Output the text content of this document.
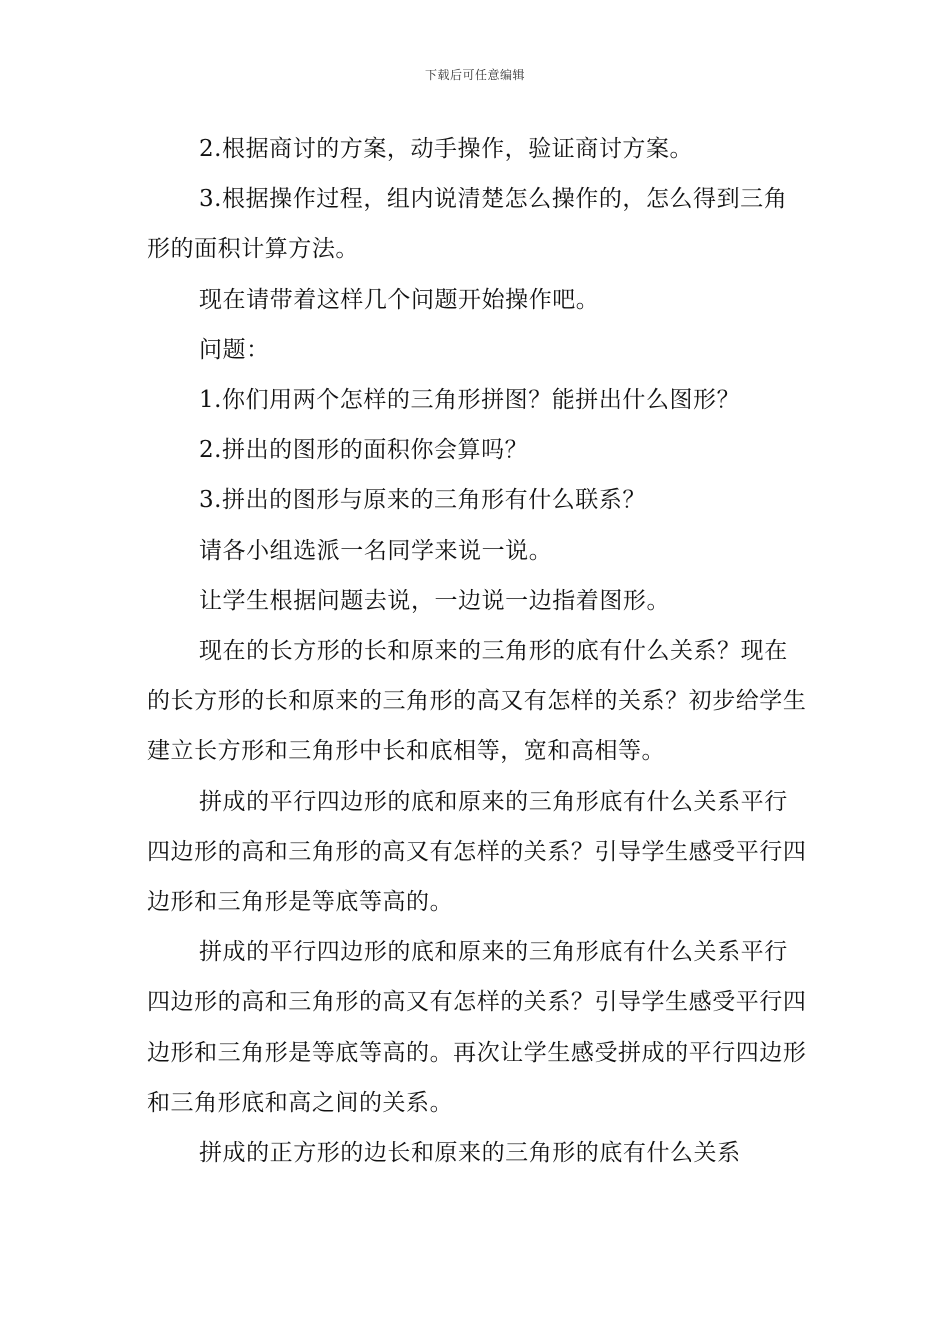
下载后可任意编辑

2.根据商讨的方案，动手操作，验证商讨方案。

3.根据操作过程，组内说清楚怎么操作的，怎么得到三角形的面积计算方法。

现在请带着这样几个问题开始操作吧。

问题：

1.你们用两个怎样的三角形拼图？能拼出什么图形？

2.拼出的图形的面积你会算吗？

3.拼出的图形与原来的三角形有什么联系？

请各小组选派一名同学来说一说。

让学生根据问题去说，一边说一边指着图形。

现在的长方形的长和原来的三角形的底有什么关系？现在的长方形的长和原来的三角形的高又有怎样的关系？初步给学生建立长方形和三角形中长和底相等，宽和高相等。

拼成的平行四边形的底和原来的三角形底有什么关系平行四边形的高和三角形的高又有怎样的关系？引导学生感受平行四边形和三角形是等底等高的。

拼成的平行四边形的底和原来的三角形底有什么关系平行四边形的高和三角形的高又有怎样的关系？引导学生感受平行四边形和三角形是等底等高的。再次让学生感受拼成的平行四边形和三角形底和高之间的关系。

拼成的正方形的边长和原来的三角形的底有什么关系
